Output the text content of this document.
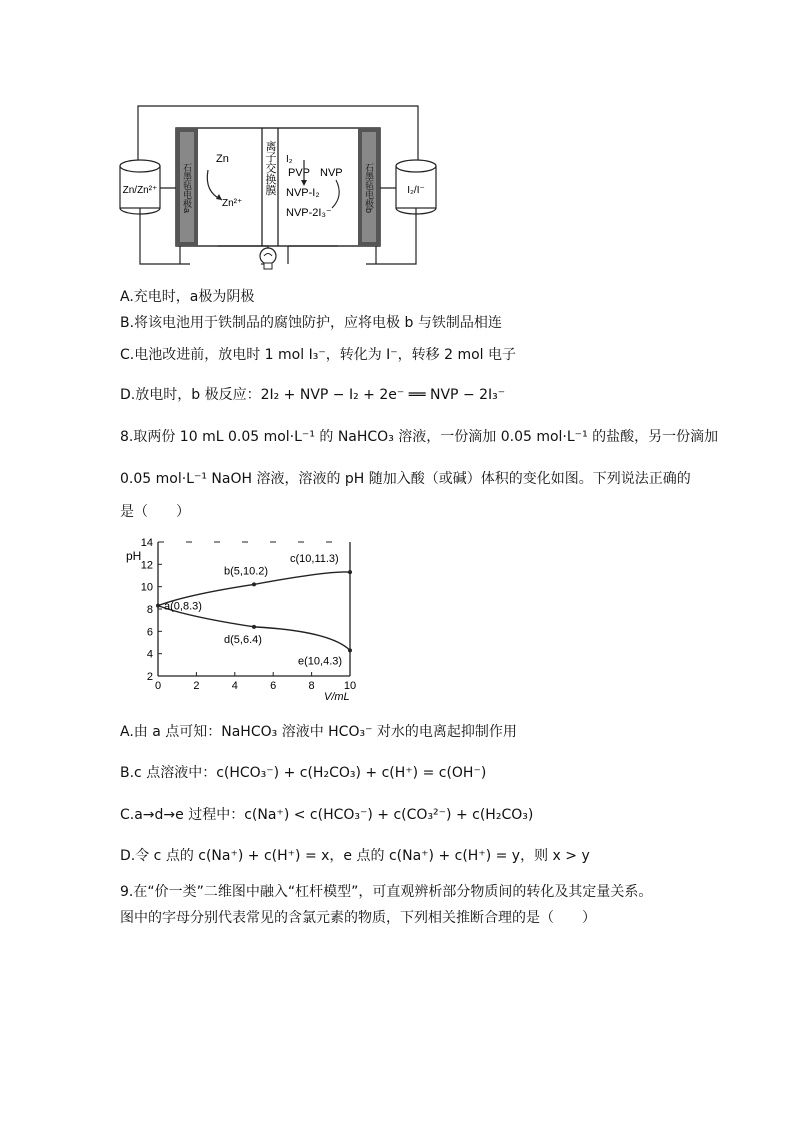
石墨毡电极a	石墨毡电极b
离子交换膜
Zn
Zn²⁺
I₂
PVP NVP
NVP-I₂
NVP-2I₃⁻
Zn/Zn²⁺	I₂/I⁻
A.充电时，a极为阴极
B.将该电池用于铁制品的腐蚀防护，应将电极 b 与铁制品相连
C.电池改进前，放电时 1 mol I₃⁻，转化为 I⁻，转移 2 mol 电子
D.放电时，b 极反应：2I₂ + NVP − I₂ + 2e⁻ ══ NVP − 2I₃⁻
8.取两份 10 mL 0.05 mol·L⁻¹ 的 NaHCO₃ 溶液，一份滴加 0.05 mol·L⁻¹ 的盐酸，另一份滴加
0.05 mol·L⁻¹ NaOH 溶液，溶液的 pH 随加入酸（或碱）体积的变化如图。下列说法正确的
是（　　）
2
4
6
8
10
12
14
0	2	4	6	8	10
pH
V/mL
a(0,8.3)
b(5,10.2)
c(10,11.3)
d(5,6.4)
e(10,4.3)
A.由 a 点可知：NaHCO₃ 溶液中 HCO₃⁻ 对水的电离起抑制作用
B.c 点溶液中：c(HCO₃⁻) + c(H₂CO₃) + c(H⁺) = c(OH⁻)
C.a→d→e 过程中：c(Na⁺) < c(HCO₃⁻) + c(CO₃²⁻) + c(H₂CO₃)
D.令 c 点的 c(Na⁺) + c(H⁺) = x，e 点的 c(Na⁺) + c(H⁺) = y，则 x > y
9.在“价一类”二维图中融入“杠杆模型”，可直观辨析部分物质间的转化及其定量关系。
图中的字母分别代表常见的含氯元素的物质，下列相关推断合理的是（　　）
